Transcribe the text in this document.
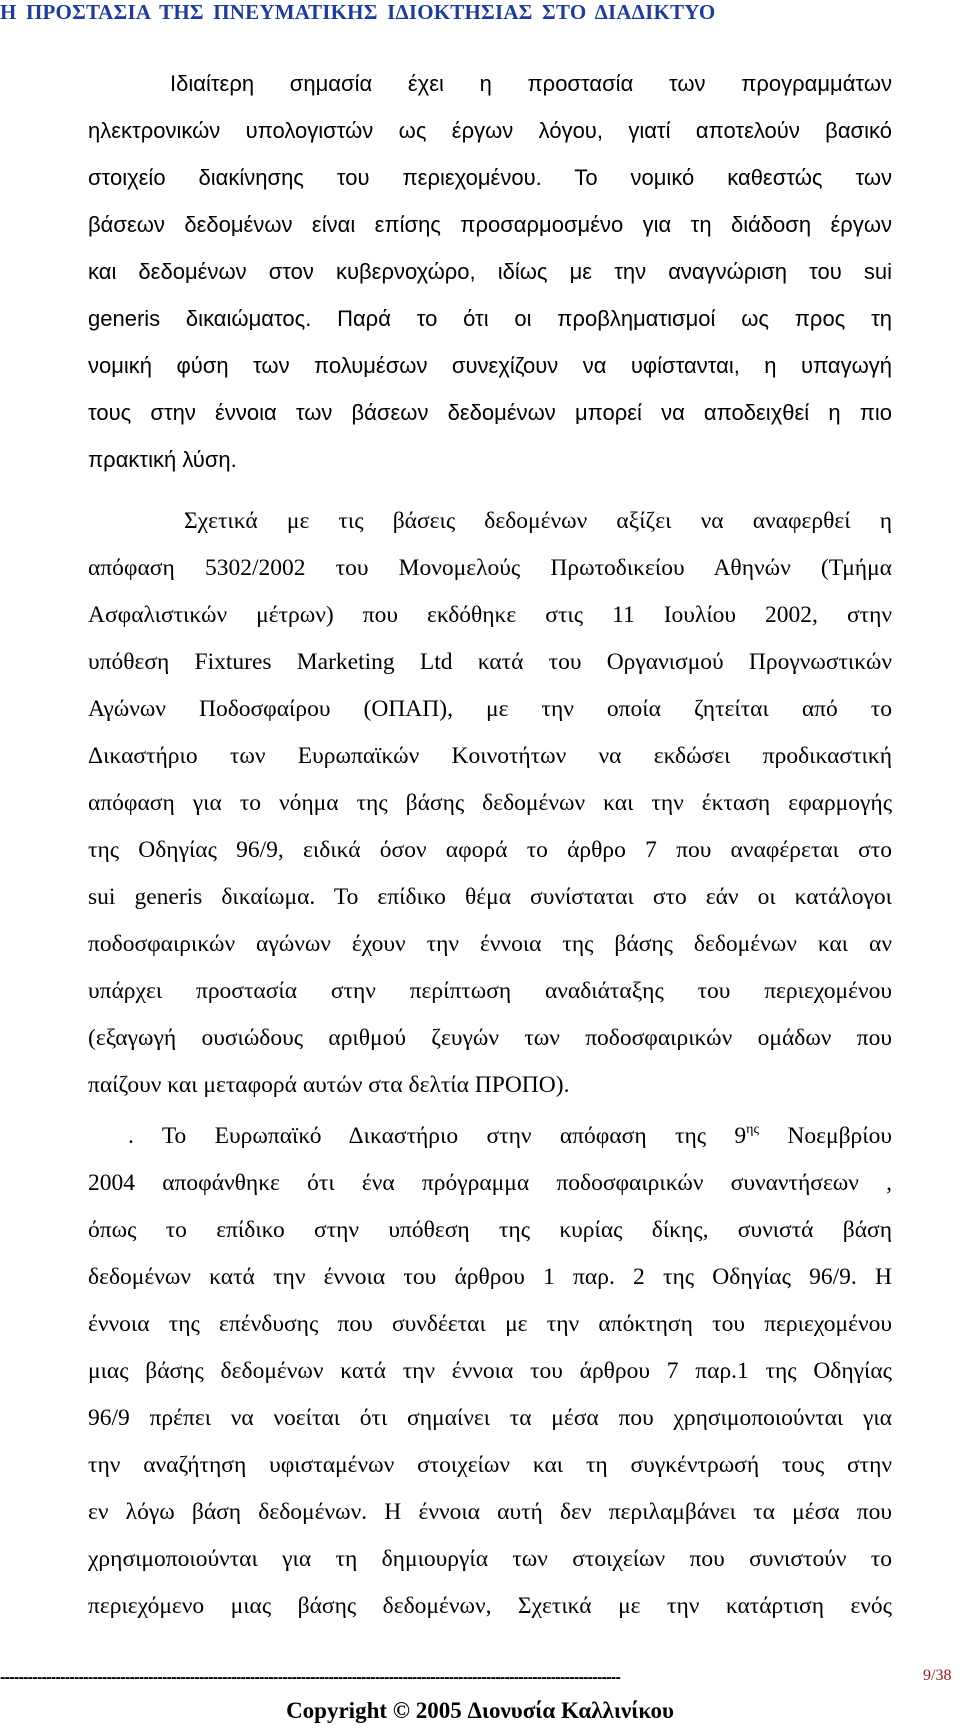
Η ΠΡΟΣΤΑΣΙΑ ΤΗΣ ΠΝΕΥΜΑΤΙΚΗΣ ΙΔΙΟΚΤΗΣΙΑΣ ΣΤΟ ΔΙΑΔΙΚΤΥΟ
Ιδιαίτερη σημασία έχει η προστασία των προγραμμάτων
ηλεκτρονικών υπολογιστών ως έργων λόγου, γιατί αποτελούν βασικό
στοιχείο διακίνησης του περιεχομένου. Το νομικό καθεστώς των
βάσεων δεδομένων είναι επίσης προσαρμοσμένο για τη διάδοση έργων
και δεδομένων στον κυβερνοχώρο, ιδίως με την αναγνώριση του sui
generis δικαιώματος. Παρά το ότι οι προβληματισμοί ως προς τη
νομική φύση των πολυμέσων συνεχίζουν να υφίστανται, η υπαγωγή
τους στην έννοια των βάσεων δεδομένων μπορεί να αποδειχθεί η πιο
πρακτική λύση.
Σχετικά με τις βάσεις δεδομένων αξίζει να αναφερθεί η
απόφαση 5302/2002 του Μονομελούς Πρωτοδικείου Αθηνών (Τμήμα
Ασφαλιστικών μέτρων) που εκδόθηκε στις 11 Ιουλίου 2002, στην
υπόθεση Fixtures Marketing Ltd κατά του Οργανισμού Προγνωστικών
Αγώνων Ποδοσφαίρου (ΟΠΑΠ), με την οποία ζητείται από το
Δικαστήριο των Ευρωπαϊκών Κοινοτήτων να εκδώσει προδικαστική
απόφαση για το νόημα της βάσης δεδομένων και την έκταση εφαρμογής
της Οδηγίας 96/9, ειδικά όσον αφορά το άρθρο 7 που αναφέρεται στο
sui generis δικαίωμα. Το επίδικο θέμα συνίσταται στο εάν οι κατάλογοι
ποδοσφαιρικών αγώνων έχουν την έννοια της βάσης δεδομένων και αν
υπάρχει προστασία στην περίπτωση αναδιάταξης του περιεχομένου
(εξαγωγή ουσιώδους αριθμού ζευγών των ποδοσφαιρικών ομάδων που
παίζουν και μεταφορά αυτών στα δελτία ΠΡΟΠΟ).
. Το Ευρωπαϊκό Δικαστήριο στην απόφαση της $9^{\eta\varsigma}$ Νοεμβρίου
2004 αποφάνθηκε ότι ένα πρόγραμμα ποδοσφαιρικών συναντήσεων ,
όπως το επίδικο στην υπόθεση της κυρίας δίκης, συνιστά βάση
δεδομένων κατά την έννοια του άρθρου 1 παρ. 2 της Οδηγίας 96/9. Η
έννοια της επένδυσης που συνδέεται με την απόκτηση του περιεχομένου
μιας βάσης δεδομένων κατά την έννοια του άρθρου 7 παρ.1 της Οδηγίας
96/9 πρέπει να νοείται ότι σημαίνει τα μέσα που χρησιμοποιούνται για
την αναζήτηση υφισταμένων στοιχείων και τη συγκέντρωσή τους στην
εν λόγω βάση δεδομένων. Η έννοια αυτή δεν περιλαμβάνει τα μέσα που
χρησιμοποιούνται για τη δημιουργία των στοιχείων που συνιστούν το
περιεχόμενο μιας βάσης δεδομένων, Σχετικά με την κατάρτιση ενός
--------------------------------------------------------------------------------------------------------------------------------------	9/38
Copyright © 2005 Διονυσία Καλλινίκου
